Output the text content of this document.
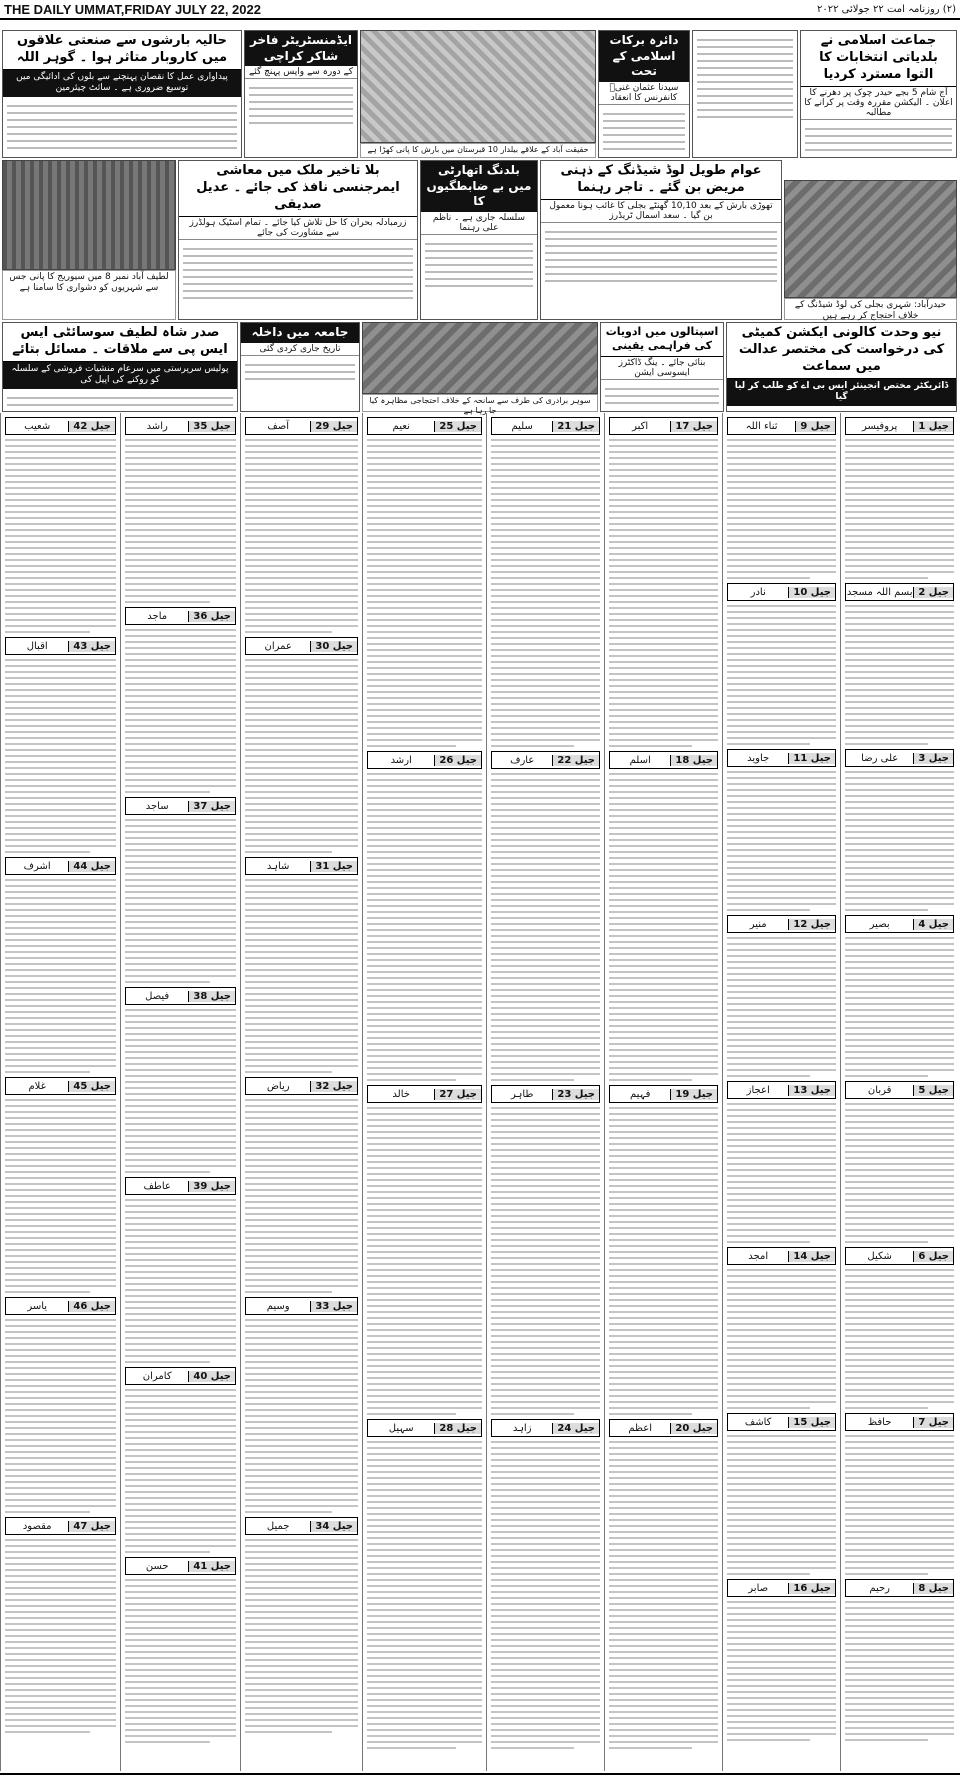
THE DAILY UMMAT,FRIDAY JULY 22, 2022	(۲) روزنامہ امت ۲۲ جولائی ۲۰۲۲
جماعت اسلامی نے بلدیاتی انتخابات کا التوا مسترد کردیا
آج شام 5 بجے حیدر چوک پر دھرنے کا اعلان ۔ الیکشن مقررہ وقت پر کرانے کا مطالبہ
دائرہ برکات اسلامی کے تحت
سیدنا عثمان غنیؓ کانفرنس کا انعقاد
حقیقت آباد کے علاقے بیلدار 10 قبرستان میں بارش کا پانی کھڑا ہے
ایڈمنسٹریٹر فاخر شاکر کراچی
کے دورہ سے واپس پہنچ گئے
حالیہ بارشوں سے صنعتی علاقوں میں کاروبار متاثر ہوا ۔ گوہر اللہ
پیداواری عمل کا نقصان پہنچنے سے بلوں کی ادائیگی میں توسیع ضروری ہے ۔ سائٹ چیئرمین
حیدرآباد: شہری بجلی کی لوڈ شیڈنگ کے خلاف احتجاج کر رہے ہیں
عوام طویل لوڈ شیڈنگ کے ذہنی مریض بن گئے ۔ تاجر رہنما
تھوڑی بارش کے بعد 10,10 گھنٹے بجلی کا غائب ہونا معمول بن گیا ۔ سعد اسمال ٹریڈرز
بلدنگ اتھارٹی میں بے ضابطگیوں کا
سلسلہ جاری ہے ۔ ناظم علی رہنما
بلا تاخیر ملک میں معاشی ایمرجنسی نافذ کی جائے ۔ عدیل صدیقی
زرمبادلہ بحران کا حل تلاش کیا جائے ۔ تمام اسٹیک ہولڈرز سے مشاورت کی جائے
لطیف آباد نمبر 8 میں سیوریج کا پانی جس سے شہریوں کو دشواری کا سامنا ہے
نیو وحدت کالونی ایکشن کمیٹی کی درخواست کی مختصر عدالت میں سماعت
ڈائریکٹر مختص انجینئر ایس بی اے کو طلب کر لیا گیا
اسپتالوں میں ادویات کی فراہمی یقینی
بنائی جائے ۔ ینگ ڈاکٹرز ایسوسی ایشن
سوہر برادری کی طرف سے سانحہ کے خلاف احتجاجی مظاہرہ کیا جا رہا ہے
جامعہ میں داخلہ
تاریخ جاری کردی گئی
صدر شاہ لطیف سوسائٹی ایس ایس پی سے ملاقات ۔ مسائل بتائے
پولیس سرپرستی میں سرعام منشیات فروشی کے سلسلہ کو روکنے کی اپیل کی
جیل 1
پروفیسر
جیل 2
بسم اللہ مسجد
جیل 3
علی رضا
جیل 4
بصیر
جیل 5
قربان
جیل 6
شکیل
جیل 7
حافظ
جیل 8
رحیم
جیل 9
ثناء اللہ
جیل 10
نادر
جیل 11
جاوید
جیل 12
منیر
جیل 13
اعجاز
جیل 14
امجد
جیل 15
کاشف
جیل 16
صابر
جیل 17
اکبر
جیل 18
اسلم
جیل 19
فہیم
جیل 20
اعظم
جیل 21
سلیم
جیل 22
عارف
جیل 23
طاہر
جیل 24
زاہد
جیل 25
نعیم
جیل 26
ارشد
جیل 27
خالد
جیل 28
سہیل
جیل 29
آصف
جیل 30
عمران
جیل 31
شاہد
جیل 32
ریاض
جیل 33
وسیم
جیل 34
جمیل
جیل 35
راشد
جیل 36
ماجد
جیل 37
ساجد
جیل 38
فیصل
جیل 39
عاطف
جیل 40
کامران
جیل 41
حسن
جیل 42
شعیب
جیل 43
اقبال
جیل 44
اشرف
جیل 45
غلام
جیل 46
یاسر
جیل 47
مقصود
